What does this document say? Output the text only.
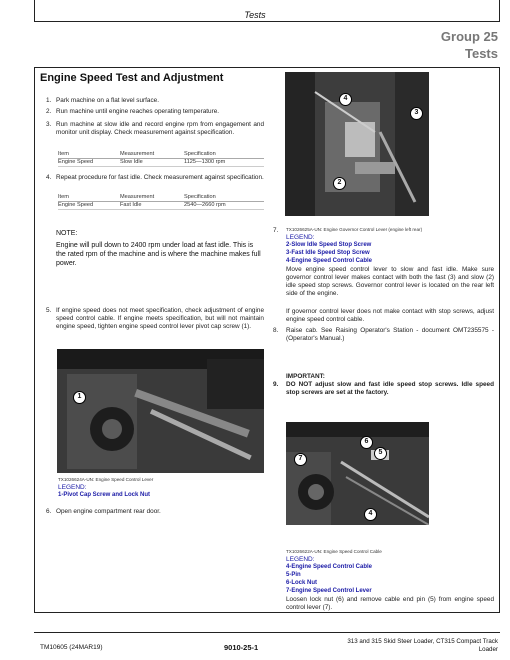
Tests
Group 25
Tests
Engine Speed Test and Adjustment
1. Park machine on a flat level surface.
2. Run machine until engine reaches operating temperature.
3. Run machine at slow idle and record engine rpm from engagement and monitor unit display. Check measurement against specification.
Item	Measurement	Specification
Engine Speed	Slow Idle	1125—1300 rpm
4. Repeat procedure for fast idle. Check measurement against specification.
Item	Measurement	Specification
Engine Speed	Fast Idle	2540—2660 rpm
NOTE:
Engine will pull down to 2400 rpm under load at fast idle. This is the rated rpm of the machine and is where the machine makes full power.
5. If engine speed does not meet specification, check adjustment of engine speed control cable. If engine meets specification, but will not maintain engine speed, tighten engine speed control lever pivot cap screw (1).
1
TX1026624A-UN: Engine Speed Control Lever
LEGEND:
1-Pivot Cap Screw and Lock Nut
6. Open engine compartment rear door.
4
3
2
7. TX1026625A-UN: Engine Governor Control Lever (engine left rear)
LEGEND:
2-Slow Idle Speed Stop Screw
3-Fast Idle Speed Stop Screw
4-Engine Speed Control Cable
Move engine speed control lever to slow and fast idle. Make sure governor control lever makes contact with both the fast (3) and slow (2) idle speed stop screws. Governor control lever is located on the rear left side of the engine.
If governor control lever does not make contact with stop screws, adjust engine speed control cable.
8. Raise cab. See Raising Operator's Station - document OMT235575 - (Operator's Manual.)
IMPORTANT:
9. DO NOT adjust slow and fast idle speed stop screws. Idle speed stop screws are set at the factory.
6
5
7
4
TX1026622A-UN: Engine Speed Control Cable
LEGEND:
4-Engine Speed Control Cable
5-Pin
6-Lock Nut
7-Engine Speed Control Lever
Loosen lock nut (6) and remove cable end pin (5) from engine speed control lever (7).
TM10605 (24MAR19)	9010-25-1
313 and 315 Skid Steer Loader, CT315 Compact Track
Loader
